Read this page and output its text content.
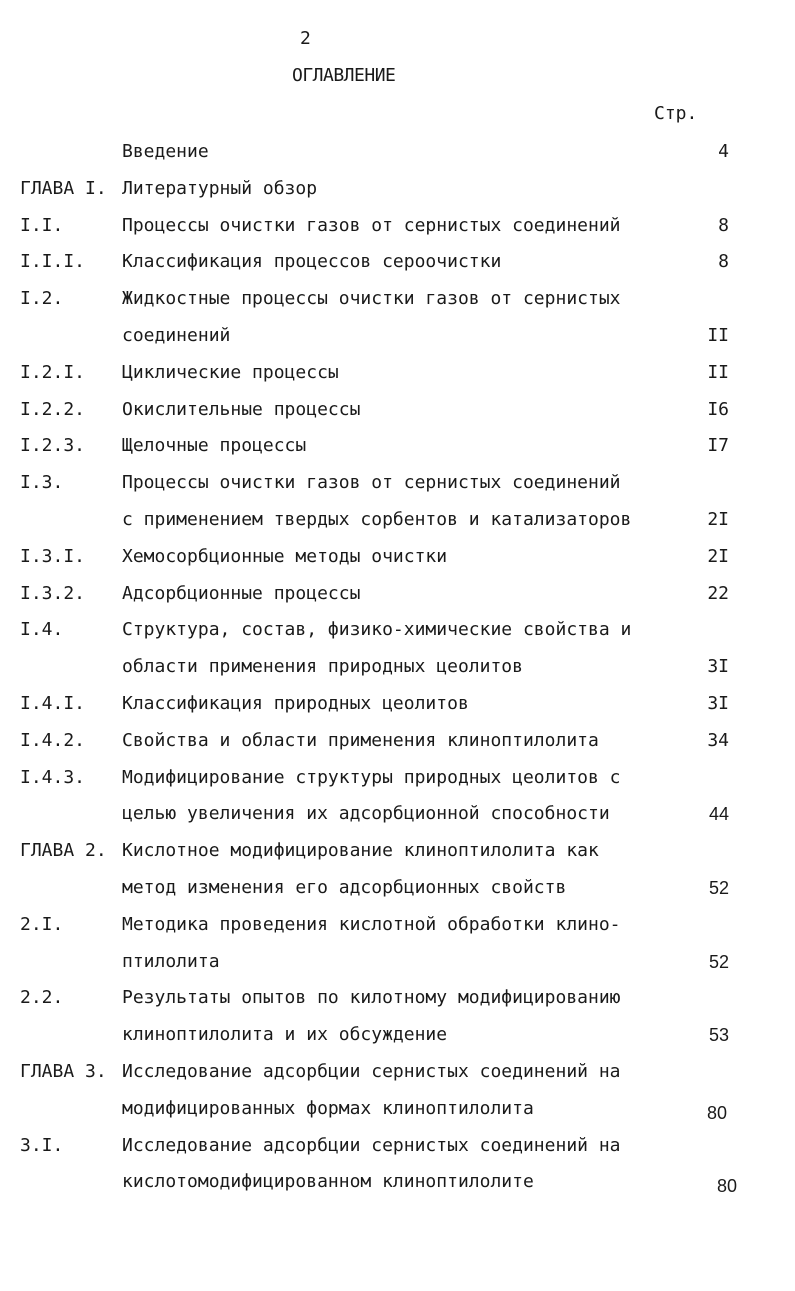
2
ОГЛАВЛЕНИЕ
Стр.
Введение	4
ГЛАВА I. Литературный обзор
I.I.	Процессы очистки газов от сернистых соединений	8
I.I.I. Классификация процессов сероочистки	8
I.2.	Жидкостные процессы очистки газов от сернистых
соединений	II
I.2.I. Циклические процессы	II
I.2.2. Окислительные процессы	I6
I.2.3. Щелочные процессы	I7
I.3.	Процессы очистки газов от сернистых соединений
с применением твердых сорбентов и катализаторов	2I
I.3.I. Хемосорбционные методы очистки	2I
I.3.2. Адсорбционные процессы	22
I.4.	Структура, состав, физико-химические свойства и
области применения природных цеолитов	3I
I.4.I. Классификация природных цеолитов	3I
I.4.2. Свойства и области применения клиноптилолита	34
I.4.3. Модифицирование структуры природных цеолитов с
целью увеличения их адсорбционной способности	44
ГЛАВА 2. Кислотное модифицирование клиноптилолита как
метод изменения его адсорбционных свойств	52
2.I.	Методика проведения кислотной обработки клино-
птилолита	52
2.2.	Результаты опытов по килотному модифицированию
клиноптилолита и их обсуждение	53
ГЛАВА 3. Исследование адсорбции сернистых соединений на
модифицированных формах клиноптилолита	80
3.I.	Исследование адсорбции сернистых соединений на
кислотомодифицированном клиноптилолите	80
